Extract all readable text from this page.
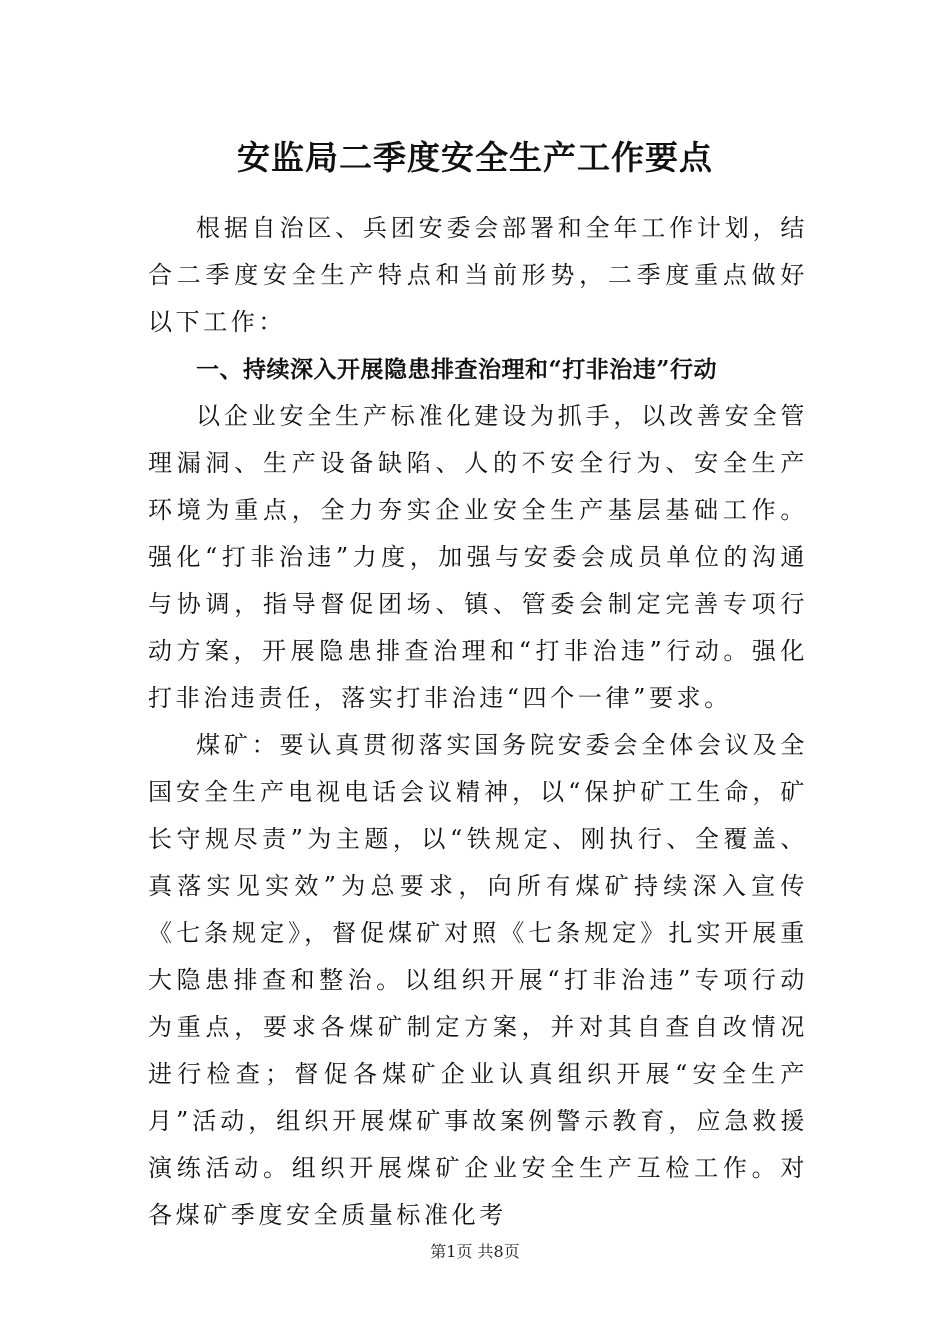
安监局二季度安全生产工作要点

根据自治区、兵团安委会部署和全年工作计划，结合二季度安全生产特点和当前形势，二季度重点做好以下工作：

一、持续深入开展隐患排查治理和“打非治违”行动

以企业安全生产标准化建设为抓手，以改善安全管理漏洞、生产设备缺陷、人的不安全行为、安全生产环境为重点，全力夯实企业安全生产基层基础工作。强化“打非治违”力度，加强与安委会成员单位的沟通与协调，指导督促团场、镇、管委会制定完善专项行动方案，开展隐患排查治理和“打非治违”行动。强化打非治违责任，落实打非治违“四个一律”要求。

煤矿：要认真贯彻落实国务院安委会全体会议及全国安全生产电视电话会议精神，以“保护矿工生命，矿长守规尽责”为主题，以“铁规定、刚执行、全覆盖、真落实见实效”为总要求，向所有煤矿持续深入宣传《七条规定》，督促煤矿对照《七条规定》扎实开展重大隐患排查和整治。以组织开展“打非治违”专项行动为重点，要求各煤矿制定方案，并对其自查自改情况进行检查；督促各煤矿企业认真组织开展“安全生产月”活动，组织开展煤矿事故案例警示教育，应急救援演练活动。组织开展煤矿企业安全生产互检工作。对各煤矿季度安全质量标准化考

第1页 共8页
